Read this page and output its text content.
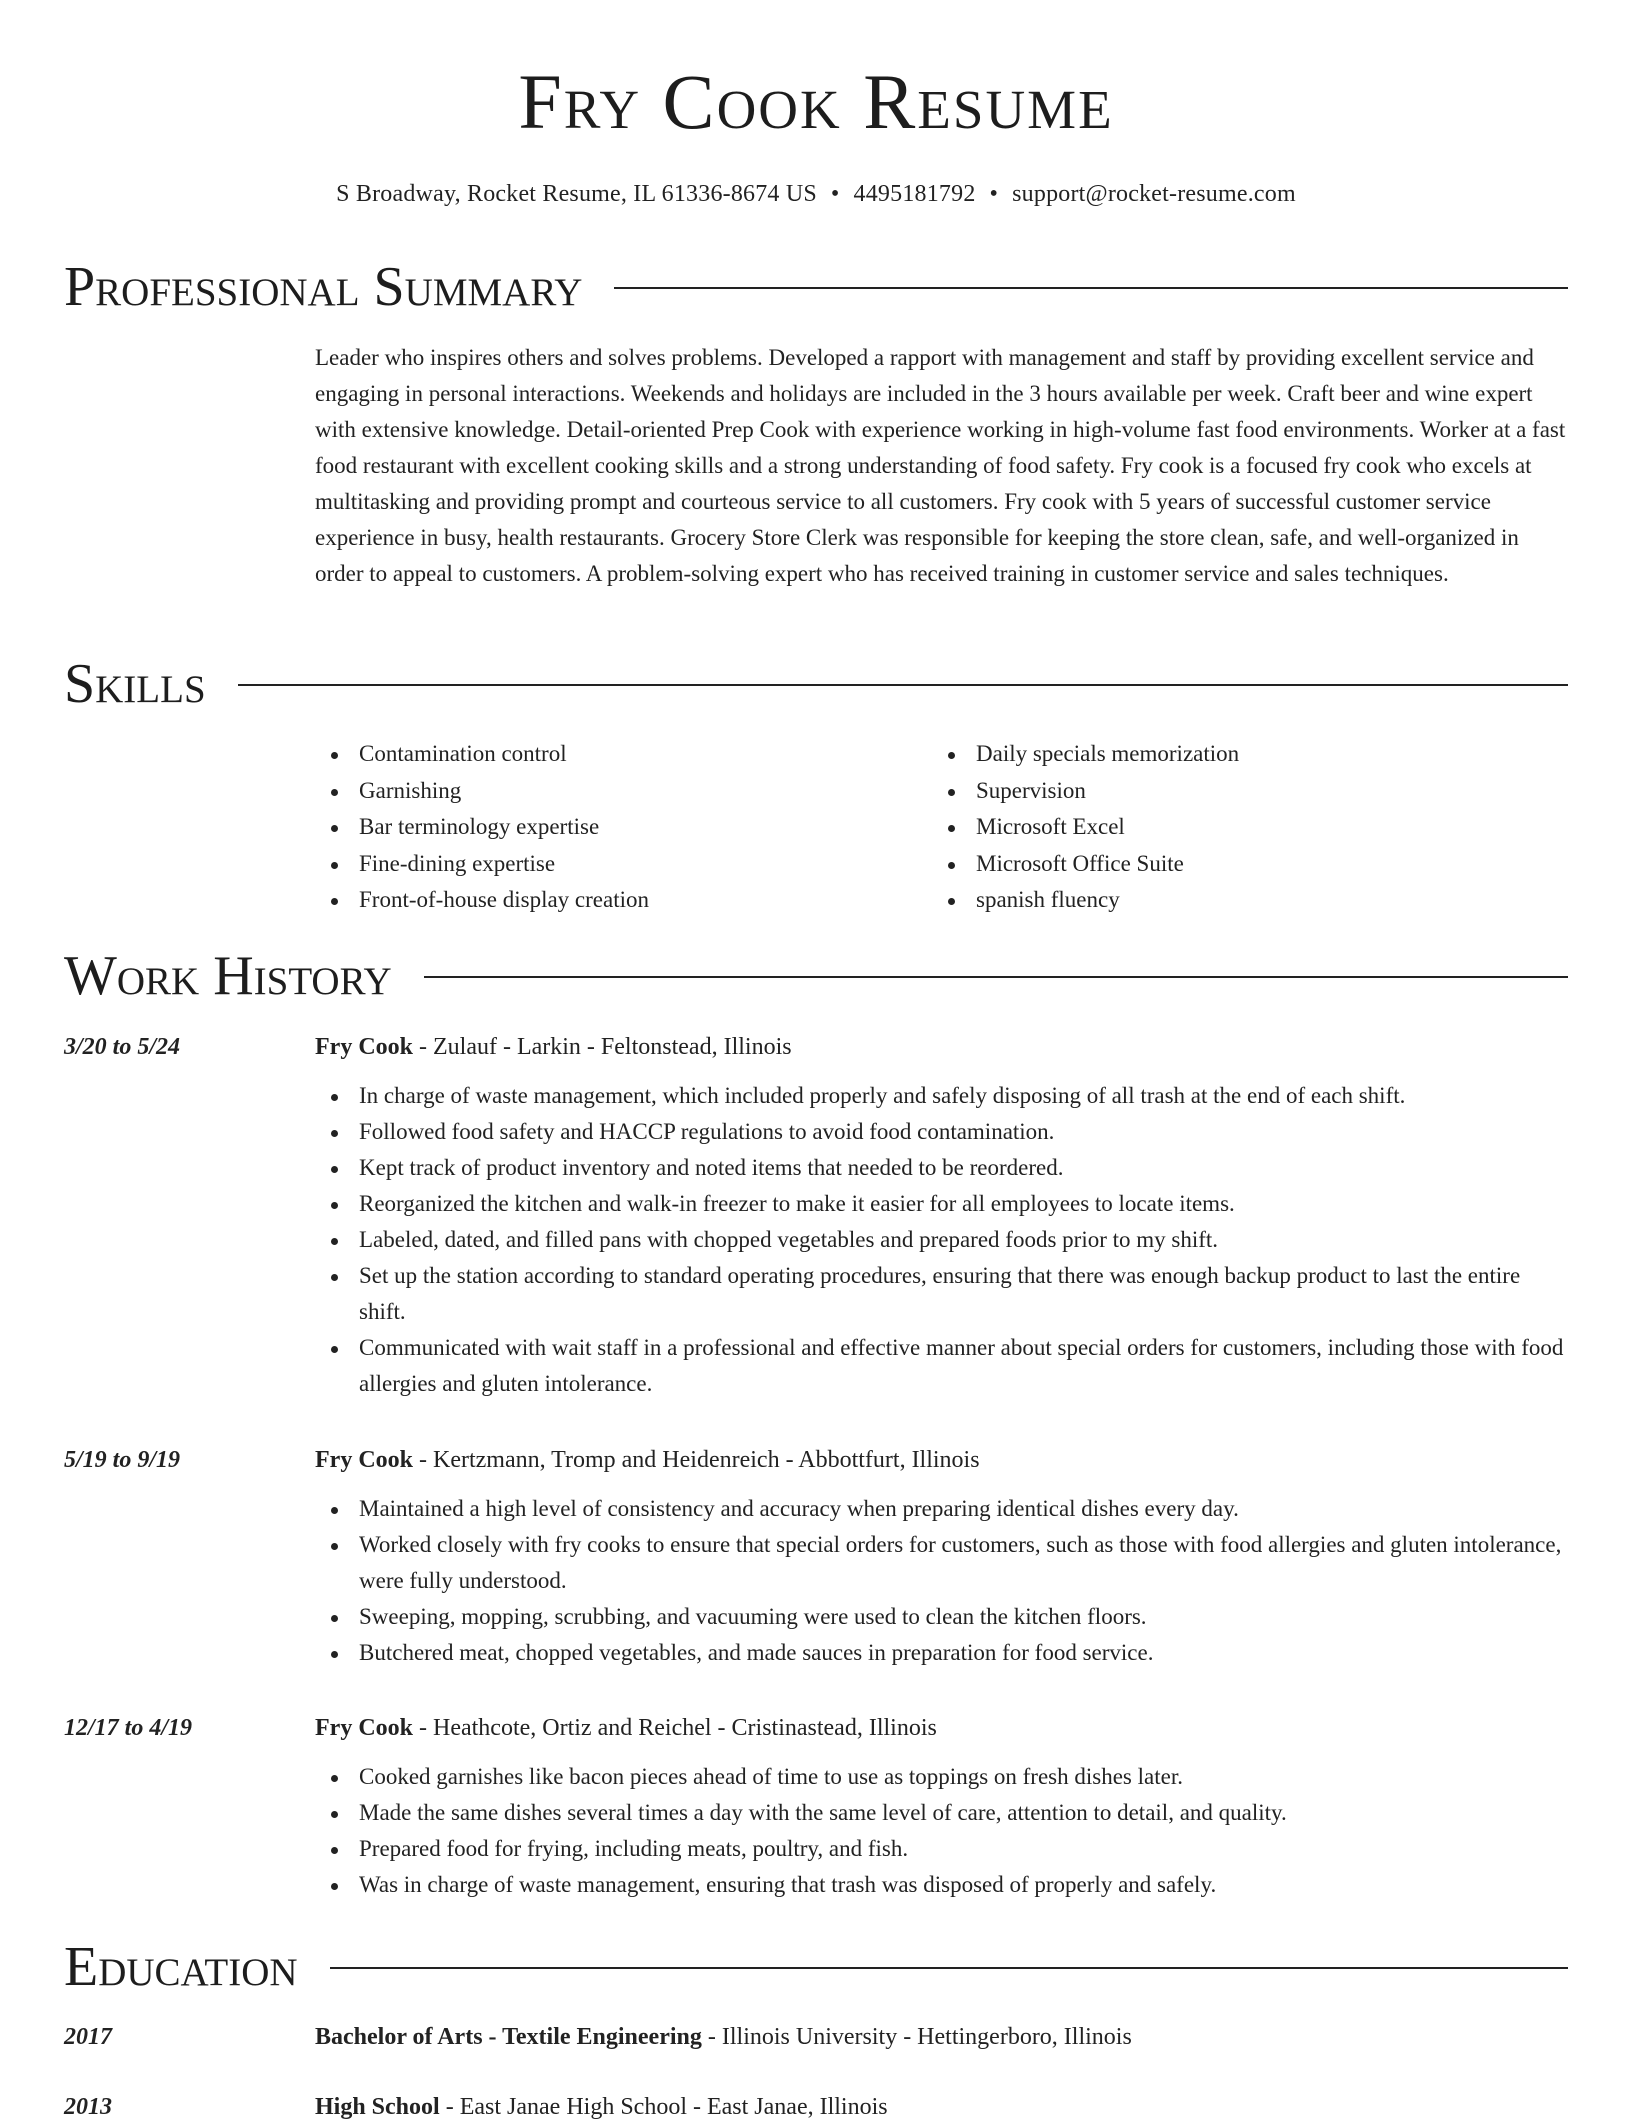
Fry Cook Resume
S Broadway, Rocket Resume, IL 61336-8674 US • 4495181792 • support@rocket-resume.com
Professional Summary

Leader who inspires others and solves problems. Developed a rapport with management and staff by providing excellent service and engaging in personal interactions. Weekends and holidays are included in the 3 hours available per week. Craft beer and wine expert with extensive knowledge. Detail-oriented Prep Cook with experience working in high-volume fast food environments. Worker at a fast food restaurant with excellent cooking skills and a strong understanding of food safety. Fry cook is a focused fry cook who excels at multitasking and providing prompt and courteous service to all customers. Fry cook with 5 years of successful customer service experience in busy, health restaurants. Grocery Store Clerk was responsible for keeping the store clean, safe, and well-organized in order to appeal to customers. A problem-solving expert who has received training in customer service and sales techniques.

Skills
Contamination control
Garnishing
Bar terminology expertise
Fine-dining expertise
Front-of-house display creation
Daily specials memorization
Supervision
Microsoft Excel
Microsoft Office Suite
spanish fluency
Work History
3/20 to 5/24	Fry Cook - Zulauf - Larkin - Feltonstead, Illinois
In charge of waste management, which included properly and safely disposing of all trash at the end of each shift.
Followed food safety and HACCP regulations to avoid food contamination.
Kept track of product inventory and noted items that needed to be reordered.
Reorganized the kitchen and walk-in freezer to make it easier for all employees to locate items.
Labeled, dated, and filled pans with chopped vegetables and prepared foods prior to my shift.
Set up the station according to standard operating procedures, ensuring that there was enough backup product to last the entire shift.
Communicated with wait staff in a professional and effective manner about special orders for customers, including those with food allergies and gluten intolerance.
5/19 to 9/19	Fry Cook - Kertzmann, Tromp and Heidenreich - Abbottfurt, Illinois
Maintained a high level of consistency and accuracy when preparing identical dishes every day.
Worked closely with fry cooks to ensure that special orders for customers, such as those with food allergies and gluten intolerance, were fully understood.
Sweeping, mopping, scrubbing, and vacuuming were used to clean the kitchen floors.
Butchered meat, chopped vegetables, and made sauces in preparation for food service.
12/17 to 4/19	Fry Cook - Heathcote, Ortiz and Reichel - Cristinastead, Illinois
Cooked garnishes like bacon pieces ahead of time to use as toppings on fresh dishes later.
Made the same dishes several times a day with the same level of care, attention to detail, and quality.
Prepared food for frying, including meats, poultry, and fish.
Was in charge of waste management, ensuring that trash was disposed of properly and safely.
Education
2017	Bachelor of Arts - Textile Engineering - Illinois University - Hettingerboro, Illinois
2013	High School - East Janae High School - East Janae, Illinois
